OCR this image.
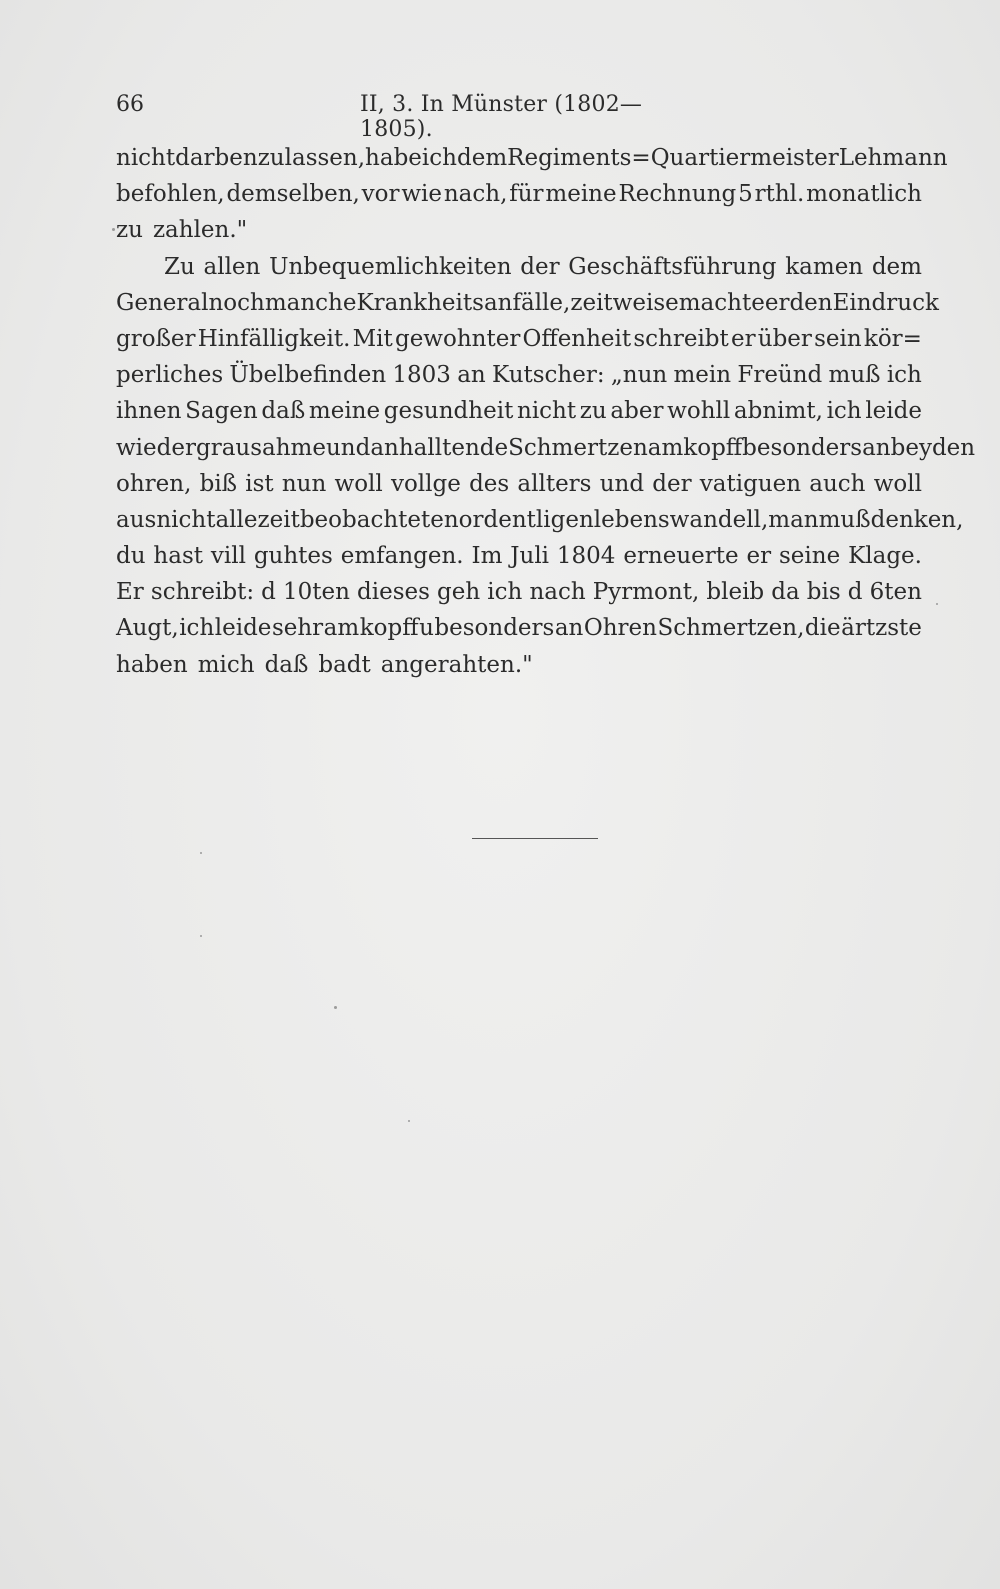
66	II, 3. In Münster (1802—1805).
nicht darben zu lassen, habe ich dem Regiments= Quartiermeister Lehmann
befohlen, demselben, vor wie nach, für meine Rechnung 5 rthl. monatlich
zu zahlen."
Zu allen Unbequemlichkeiten der Geschäftsführung kamen dem
General noch manche Krankheitsanfälle, zeitweise machte er den Eindruck
großer Hinfälligkeit. Mit gewohnter Offenheit schreibt er über sein kör=
perliches Übelbefinden 1803 an Kutscher: „nun mein Freünd muß ich
ihnen Sagen daß meine gesundheit nicht zu aber wohll abnimt, ich leide
wieder grausahme und anhalltende Schmertzen am kopff besonders an beyden
ohren, biß ist nun woll vollge des allters und der vatiguen auch woll
aus nicht alle zeit beobachteten ordentligen lebenswandell, man muß denken,
du hast vill guhtes emfangen. Im Juli 1804 erneuerte er seine Klage.
Er schreibt: d 10ten dieses geh ich nach Pyrmont, bleib da bis d 6ten
Augt, ich leide sehr am kopff u besonders an Ohren Schmertzen, die ärtzste
haben mich daß badt angerahten."
